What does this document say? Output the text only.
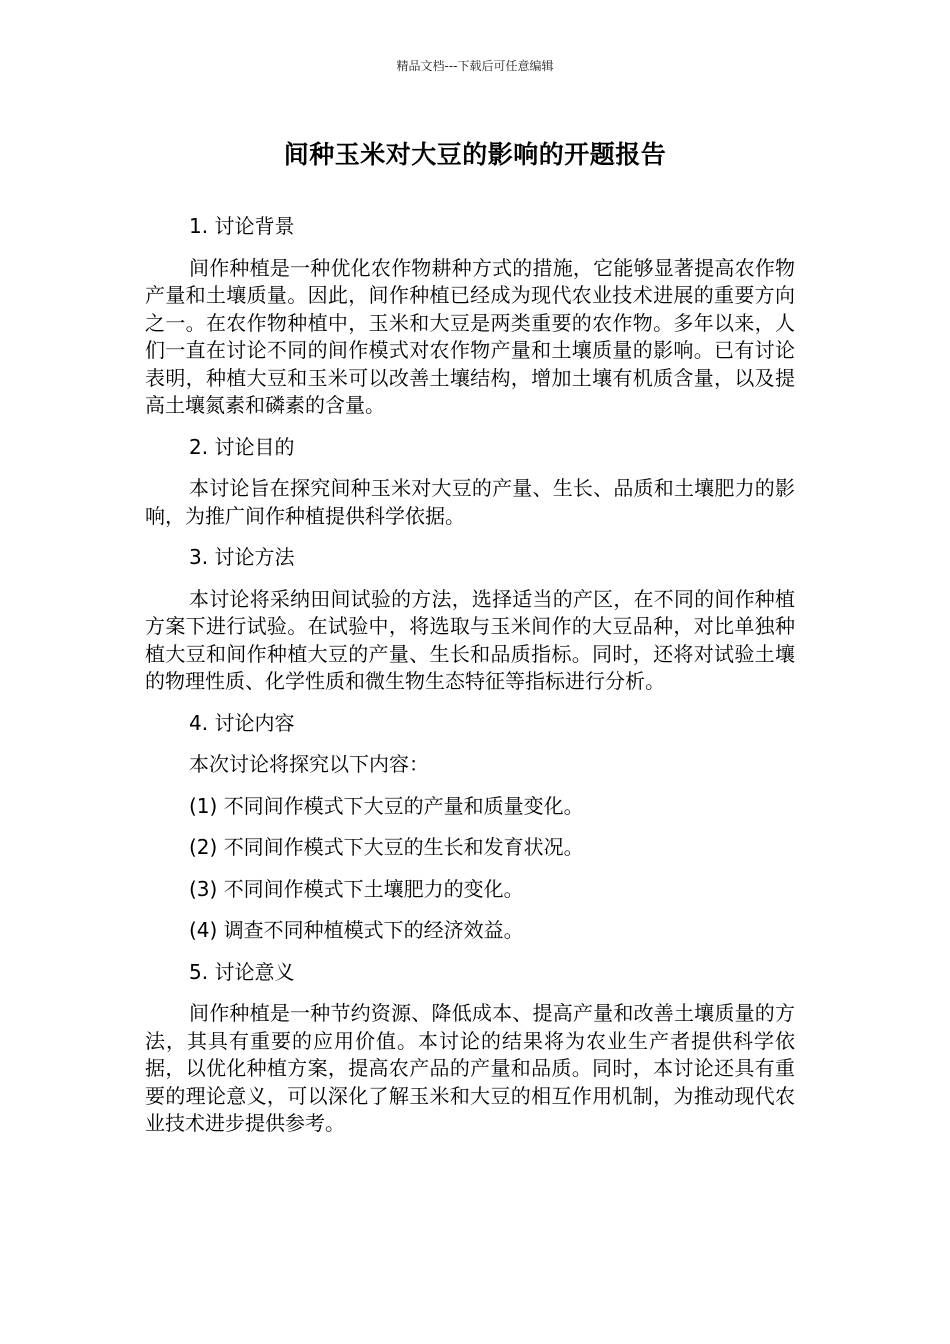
精品文档---下载后可任意编辑
间种玉米对大豆的影响的开题报告

1. 讨论背景

间作种植是一种优化农作物耕种方式的措施，它能够显著提高农作物产量和土壤质量。因此，间作种植已经成为现代农业技术进展的重要方向之一。在农作物种植中，玉米和大豆是两类重要的农作物。多年以来，人们一直在讨论不同的间作模式对农作物产量和土壤质量的影响。已有讨论表明，种植大豆和玉米可以改善土壤结构，增加土壤有机质含量，以及提高土壤氮素和磷素的含量。

2. 讨论目的

本讨论旨在探究间种玉米对大豆的产量、生长、品质和土壤肥力的影响，为推广间作种植提供科学依据。

3. 讨论方法

本讨论将采纳田间试验的方法，选择适当的产区，在不同的间作种植方案下进行试验。在试验中，将选取与玉米间作的大豆品种，对比单独种植大豆和间作种植大豆的产量、生长和品质指标。同时，还将对试验土壤的物理性质、化学性质和微生物生态特征等指标进行分析。

4. 讨论内容

本次讨论将探究以下内容：

(1) 不同间作模式下大豆的产量和质量变化。

(2) 不同间作模式下大豆的生长和发育状况。

(3) 不同间作模式下土壤肥力的变化。

(4) 调查不同种植模式下的经济效益。

5. 讨论意义

间作种植是一种节约资源、降低成本、提高产量和改善土壤质量的方法，其具有重要的应用价值。本讨论的结果将为农业生产者提供科学依据，以优化种植方案，提高农产品的产量和品质。同时，本讨论还具有重要的理论意义，可以深化了解玉米和大豆的相互作用机制，为推动现代农业技术进步提供参考。
